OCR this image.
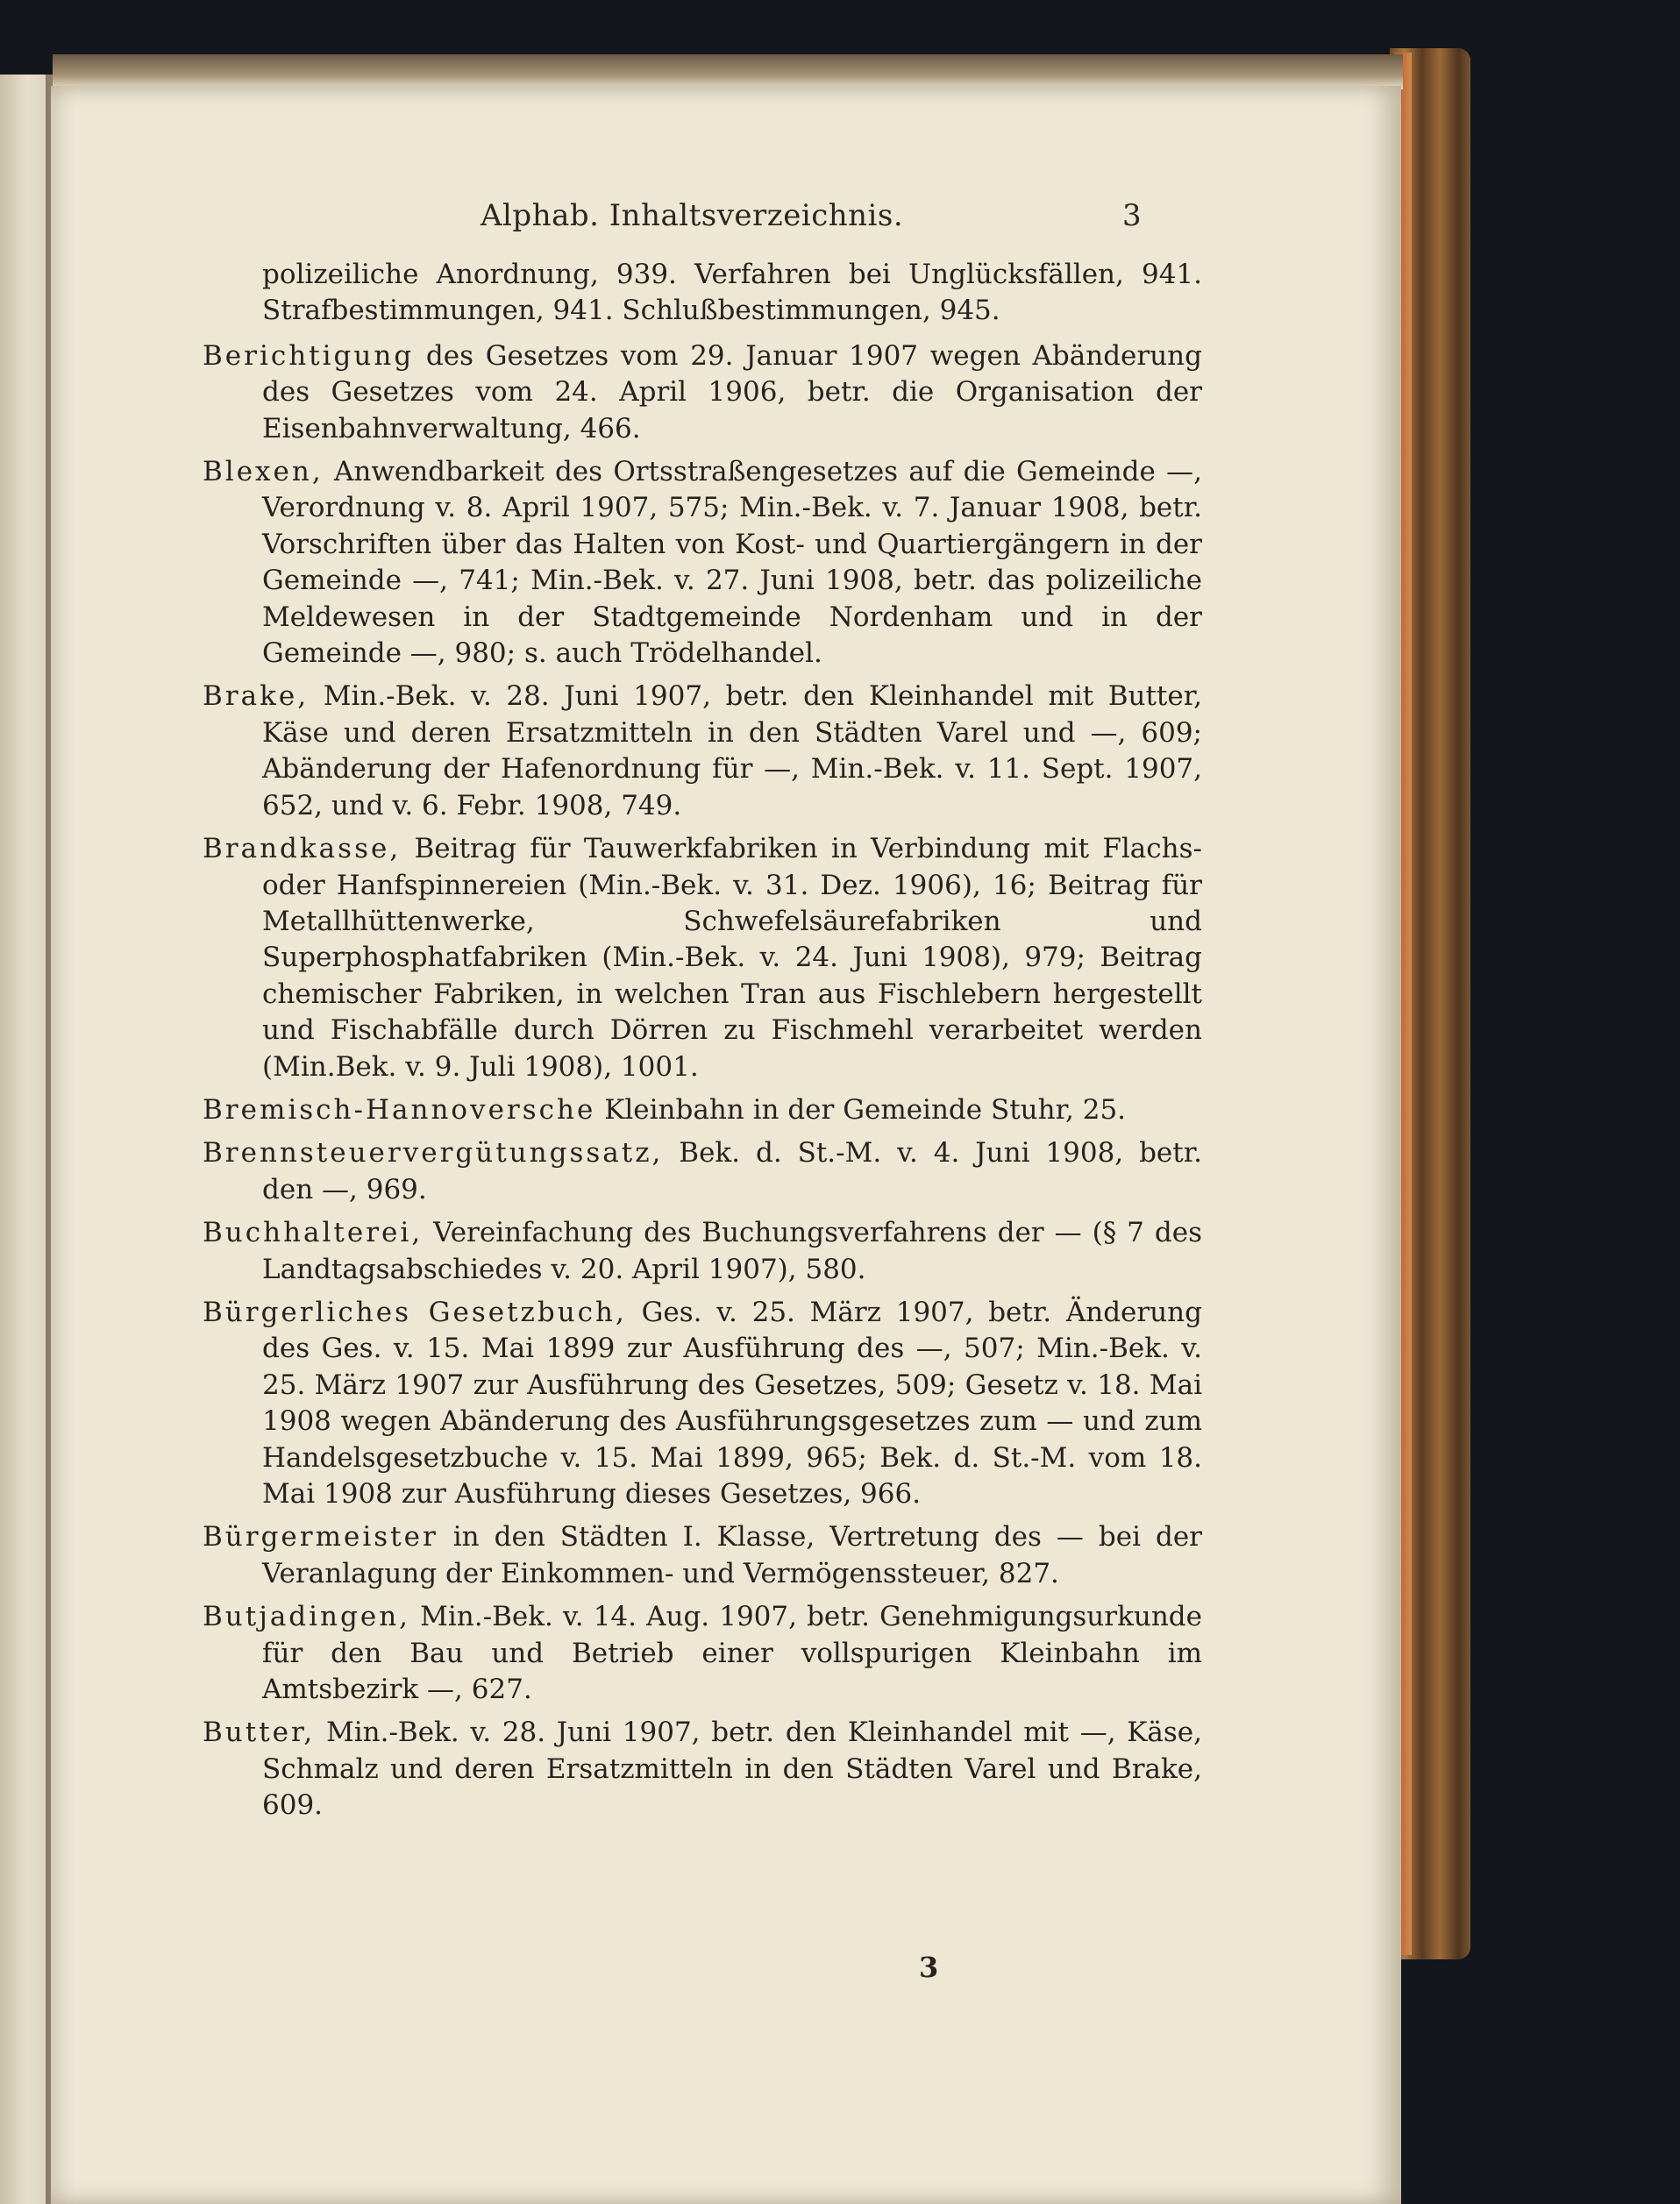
Alphab. Inhaltsverzeichnis.	3

polizeiliche Anordnung, 939. Verfahren bei Unglücksfällen, 941. Strafbestimmungen, 941. Schlußbestimmungen, 945.

Berichtigung des Gesetzes vom 29. Januar 1907 wegen Abänderung des Gesetzes vom 24. April 1906, betr. die Organisation der Eisenbahnverwaltung, 466.

Blexen, Anwendbarkeit des Ortsstraßengesetzes auf die Gemeinde —, Verordnung v. 8. April 1907, 575; Min.-Bek. v. 7. Januar 1908, betr. Vorschriften über das Halten von Kost- und Quartiergängern in der Gemeinde —, 741; Min.-Bek. v. 27. Juni 1908, betr. das polizeiliche Meldewesen in der Stadtgemeinde Nordenham und in der Gemeinde —, 980; s. auch Trödelhandel.

Brake, Min.-Bek. v. 28. Juni 1907, betr. den Kleinhandel mit Butter, Käse und deren Ersatzmitteln in den Städten Varel und —, 609; Abänderung der Hafenordnung für —, Min.-Bek. v. 11. Sept. 1907, 652, und v. 6. Febr. 1908, 749.

Brandkasse, Beitrag für Tauwerkfabriken in Verbindung mit Flachs- oder Hanfspinnereien (Min.-Bek. v. 31. Dez. 1906), 16; Beitrag für Metallhüttenwerke, Schwefelsäurefabriken und Superphosphatfabriken (Min.-Bek. v. 24. Juni 1908), 979; Beitrag chemischer Fabriken, in welchen Tran aus Fischlebern hergestellt und Fischabfälle durch Dörren zu Fischmehl verarbeitet werden (Min.Bek. v. 9. Juli 1908), 1001.

Bremisch-Hannoversche Kleinbahn in der Gemeinde Stuhr, 25.

Brennsteuervergütungssatz, Bek. d. St.-M. v. 4. Juni 1908, betr. den —, 969.

Buchhalterei, Vereinfachung des Buchungsverfahrens der — (§ 7 des Landtagsabschiedes v. 20. April 1907), 580.

Bürgerliches Gesetzbuch, Ges. v. 25. März 1907, betr. Änderung des Ges. v. 15. Mai 1899 zur Ausführung des —, 507; Min.-Bek. v. 25. März 1907 zur Ausführung des Gesetzes, 509; Gesetz v. 18. Mai 1908 wegen Abänderung des Ausführungsgesetzes zum — und zum Handelsgesetzbuche v. 15. Mai 1899, 965; Bek. d. St.-M. vom 18. Mai 1908 zur Ausführung dieses Gesetzes, 966.

Bürgermeister in den Städten I. Klasse, Vertretung des — bei der Veranlagung der Einkommen- und Vermögenssteuer, 827.

Butjadingen, Min.-Bek. v. 14. Aug. 1907, betr. Genehmigungsurkunde für den Bau und Betrieb einer vollspurigen Kleinbahn im Amtsbezirk —, 627.

Butter, Min.-Bek. v. 28. Juni 1907, betr. den Kleinhandel mit —, Käse, Schmalz und deren Ersatzmitteln in den Städten Varel und Brake, 609.

3
